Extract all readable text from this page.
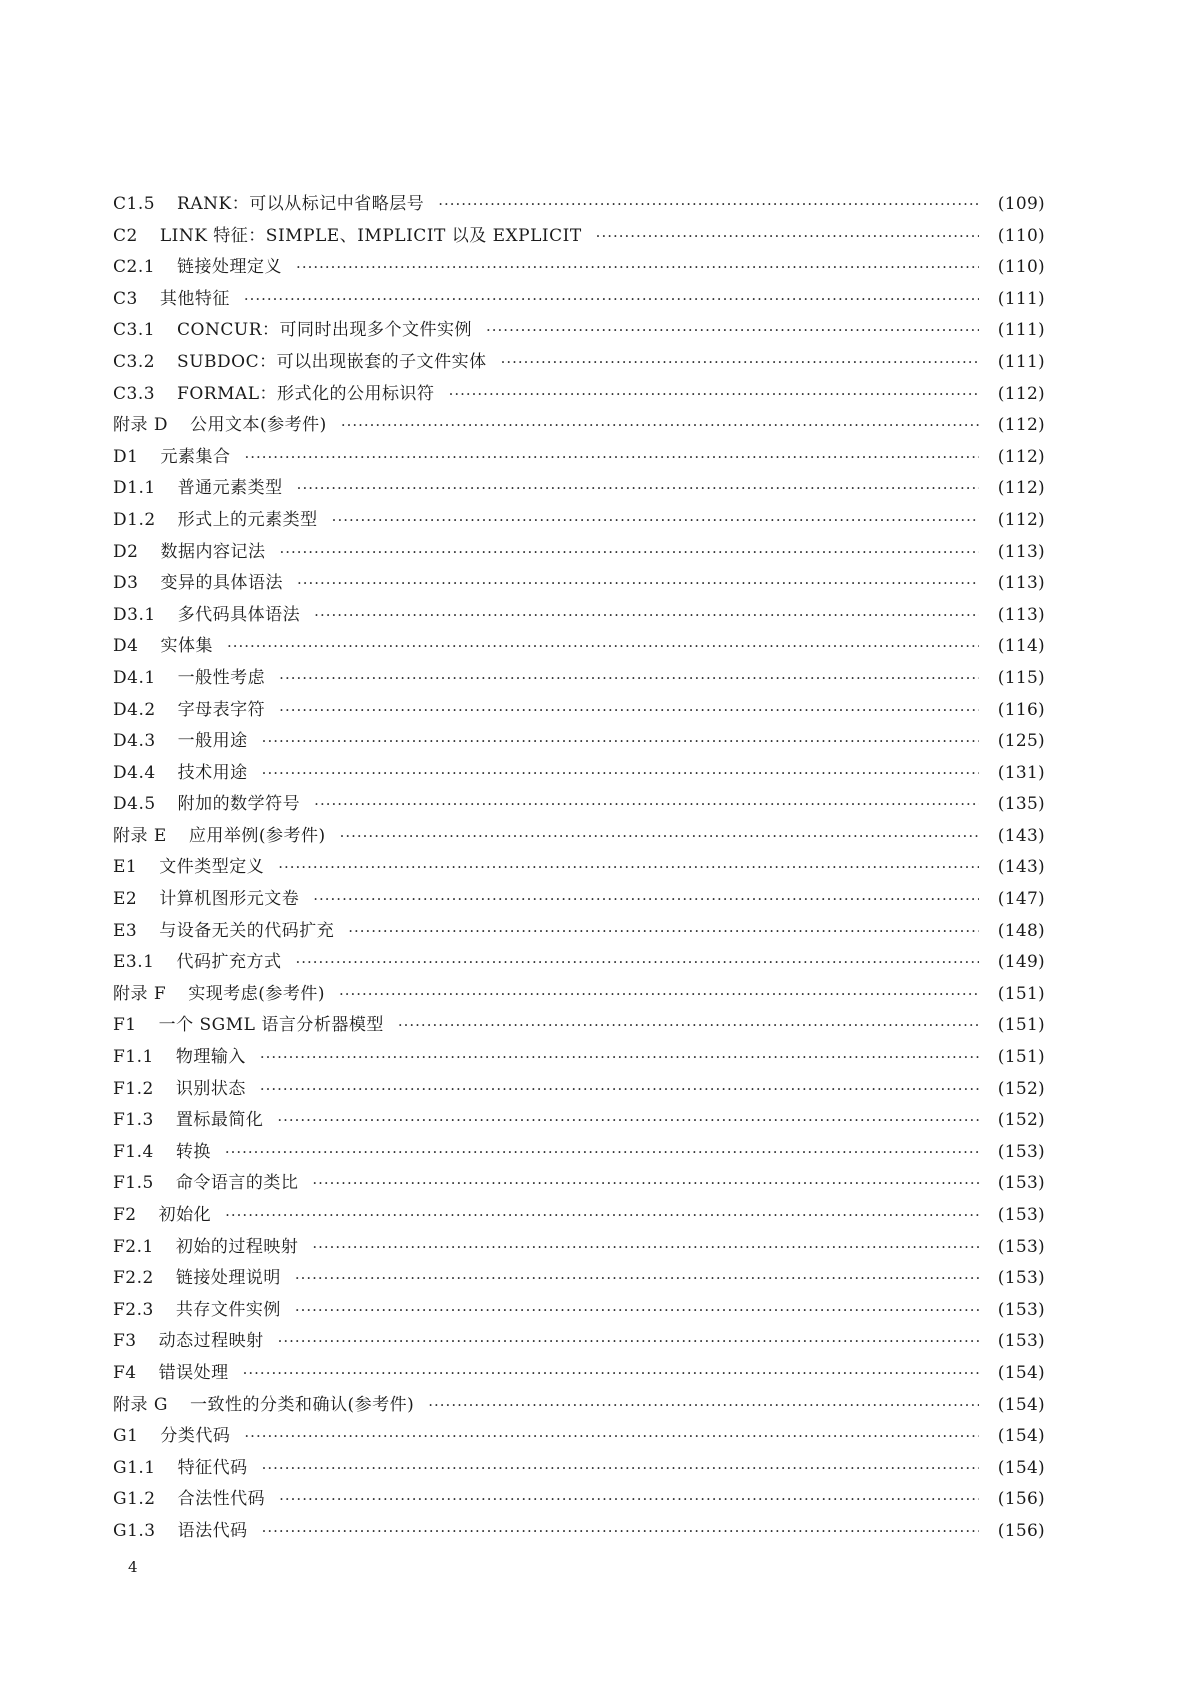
C1.5 RANK：可以从标记中省略层号 ·····	(109)
C2 LINK 特征：SIMPLE、IMPLICIT 以及 EXPLICIT ·····	(110)
C2.1 链接处理定义 ·····	(110)
C3 其他特征 ·····	(111)
C3.1 CONCUR：可同时出现多个文件实例 ·····	(111)
C3.2 SUBDOC：可以出现嵌套的子文件实体 ·····	(111)
C3.3 FORMAL：形式化的公用标识符 ·····	(112)
附录 D 公用文本(参考件) ·····	(112)
D1 元素集合 ·····	(112)
D1.1 普通元素类型 ·····	(112)
D1.2 形式上的元素类型 ·····	(112)
D2 数据内容记法 ·····	(113)
D3 变异的具体语法 ·····	(113)
D3.1 多代码具体语法 ·····	(113)
D4 实体集 ·····	(114)
D4.1 一般性考虑 ·····	(115)
D4.2 字母表字符 ·····	(116)
D4.3 一般用途 ·····	(125)
D4.4 技术用途 ·····	(131)
D4.5 附加的数学符号 ·····	(135)
附录 E 应用举例(参考件) ·····	(143)
E1 文件类型定义 ·····	(143)
E2 计算机图形元文卷 ·····	(147)
E3 与设备无关的代码扩充 ·····	(148)
E3.1 代码扩充方式 ·····	(149)
附录 F 实现考虑(参考件) ·····	(151)
F1 一个 SGML 语言分析器模型 ·····	(151)
F1.1 物理输入 ·····	(151)
F1.2 识别状态 ·····	(152)
F1.3 置标最简化 ·····	(152)
F1.4 转换 ·····	(153)
F1.5 命令语言的类比 ·····	(153)
F2 初始化 ·····	(153)
F2.1 初始的过程映射 ·····	(153)
F2.2 链接处理说明 ·····	(153)
F2.3 共存文件实例 ·····	(153)
F3 动态过程映射 ·····	(153)
F4 错误处理 ·····	(154)
附录 G 一致性的分类和确认(参考件) ·····	(154)
G1 分类代码 ·····	(154)
G1.1 特征代码 ·····	(154)
G1.2 合法性代码 ·····	(156)
G1.3 语法代码 ·····	(156)
4
